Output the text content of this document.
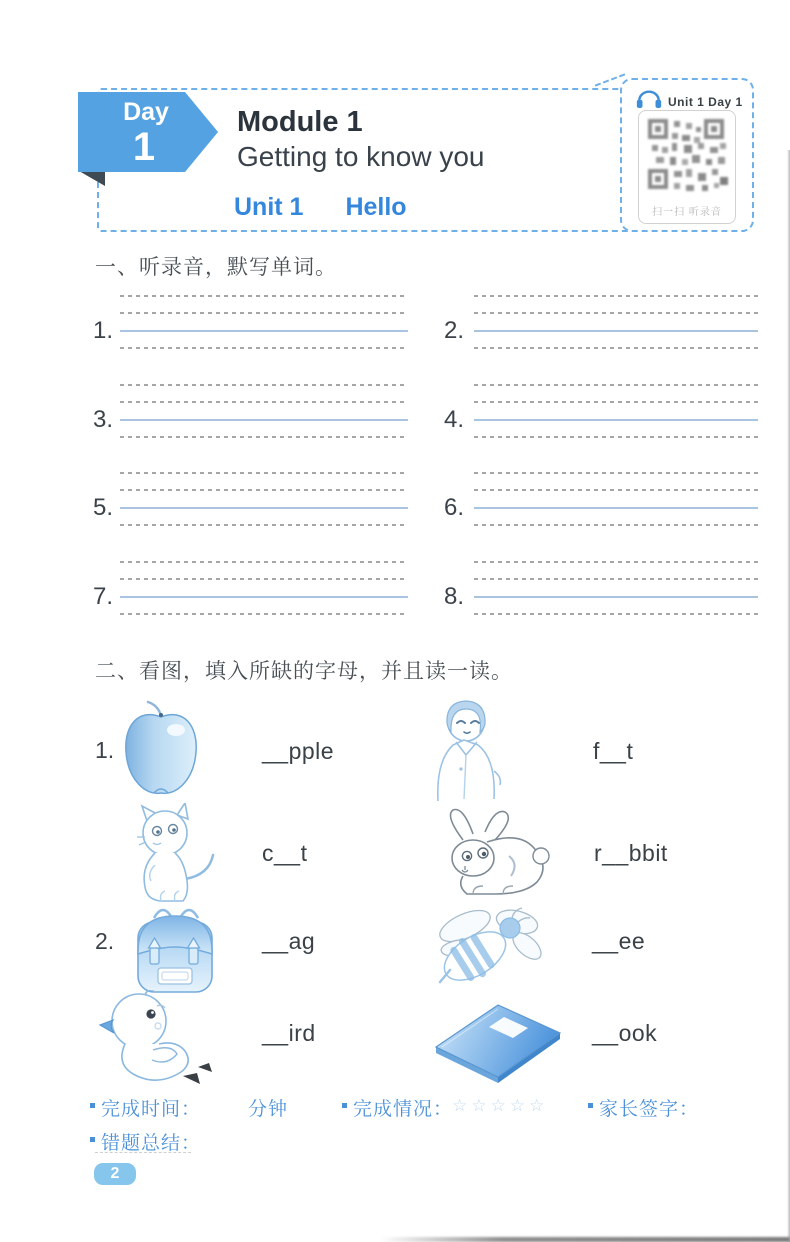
Unit 1 Day 1
扫一扫 听录音
Day
1
Module 1
Getting to know you
Unit 1 Hello
一、听录音，默写单词。
1.	2.
3.	4.
5.	6.
7.	8.
二、看图，填入所缺的字母，并且读一读。
1.	__pple	f__t
c__t	r__bbit
2.	__ag	__ee
__ird	__ook
完成时间： 分钟	完成情况：
☆☆☆☆☆	家长签字：
错题总结：
2
